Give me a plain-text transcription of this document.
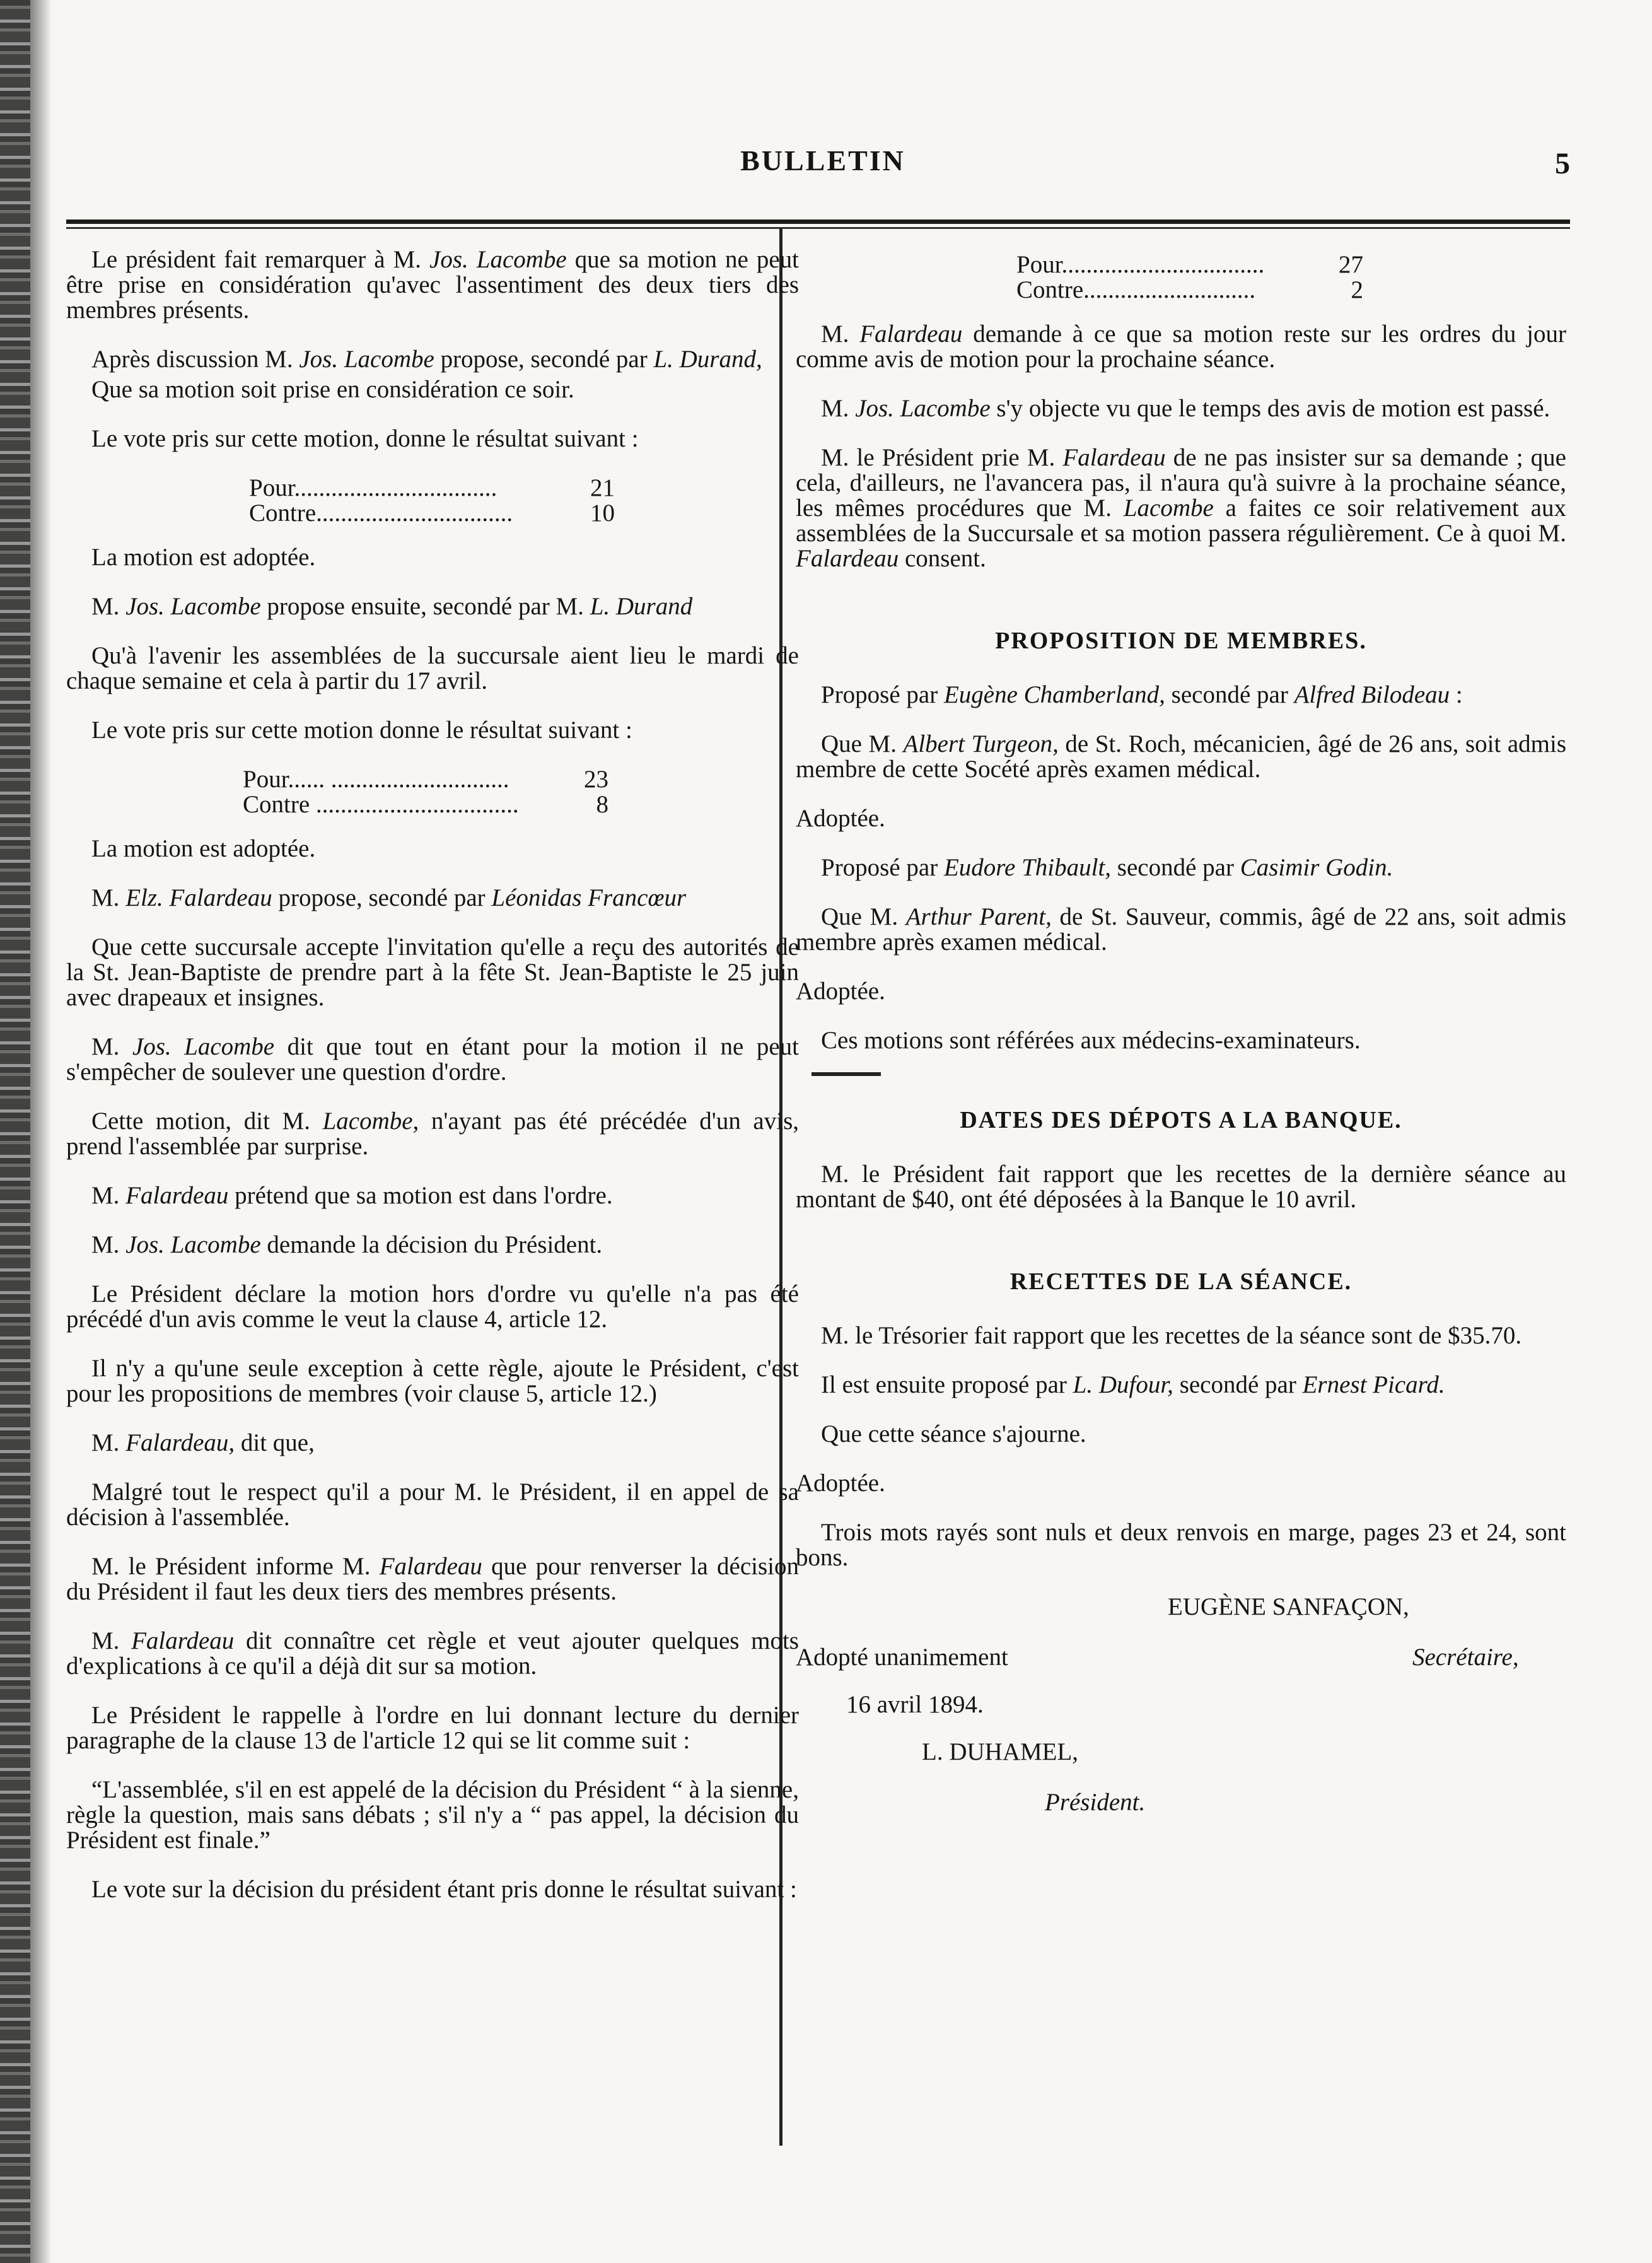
BULLETIN	5

Le président fait remarquer à M. Jos. Lacombe que sa motion ne peut être prise en considération qu'avec l'assentiment des deux tiers des membres présents.

Après discussion M. Jos. Lacombe propose, secondé par L. Durand,

Que sa motion soit prise en considération ce soir.

Le vote pris sur cette motion, donne le résultat suivant :

Pour.................................	21
Contre................................	10

La motion est adoptée.

M. Jos. Lacombe propose ensuite, secondé par M. L. Durand

Qu'à l'avenir les assemblées de la succursale aient lieu le mardi de chaque semaine et cela à partir du 17 avril.

Le vote pris sur cette motion donne le résultat suivant :

Pour...... .............................	23
Contre .................................	8

La motion est adoptée.

M. Elz. Falardeau propose, secondé par Léonidas Francœur

Que cette succursale accepte l'invitation qu'elle a reçu des autorités de la St. Jean-Baptiste de prendre part à la fête St. Jean-Baptiste le 25 juin avec drapeaux et insignes.

M. Jos. Lacombe dit que tout en étant pour la motion il ne peut s'empêcher de soulever une question d'ordre.

Cette motion, dit M. Lacombe, n'ayant pas été précédée d'un avis, prend l'assemblée par surprise.

M. Falardeau prétend que sa motion est dans l'ordre.

M. Jos. Lacombe demande la décision du Président.

Le Président déclare la motion hors d'ordre vu qu'elle n'a pas été précédé d'un avis comme le veut la clause 4, article 12.

Il n'y a qu'une seule exception à cette règle, ajoute le Président, c'est pour les propositions de membres (voir clause 5, article 12.)

M. Falardeau, dit que,

Malgré tout le respect qu'il a pour M. le Président, il en appel de sa décision à l'assemblée.

M. le Président informe M. Falardeau que pour renverser la décision du Président il faut les deux tiers des membres présents.

M. Falardeau dit connaître cet règle et veut ajouter quelques mots d'explications à ce qu'il a déjà dit sur sa motion.

Le Président le rappelle à l'ordre en lui donnant lecture du dernier paragraphe de la clause 13 de l'article 12 qui se lit comme suit :

“L'assemblée, s'il en est appelé de la décision du Président “ à la sienne, règle la question, mais sans débats ; s'il n'y a “ pas appel, la décision du Président est finale.”

Le vote sur la décision du président étant pris donne le résultat suivant :

Pour.................................	27
Contre............................	2

M. Falardeau demande à ce que sa motion reste sur les ordres du jour comme avis de motion pour la prochaine séance.

M. Jos. Lacombe s'y objecte vu que le temps des avis de motion est passé.

M. le Président prie M. Falardeau de ne pas insister sur sa demande ; que cela, d'ailleurs, ne l'avancera pas, il n'aura qu'à suivre à la prochaine séance, les mêmes procédures que M. Lacombe a faites ce soir relativement aux assemblées de la Succursale et sa motion passera régulièrement. Ce à quoi M. Falardeau consent.

PROPOSITION DE MEMBRES.

Proposé par Eugène Chamberland, secondé par Alfred Bilodeau :

Que M. Albert Turgeon, de St. Roch, mécanicien, âgé de 26 ans, soit admis membre de cette Socété après examen médical.

Adoptée.

Proposé par Eudore Thibault, secondé par Casimir Godin.

Que M. Arthur Parent, de St. Sauveur, commis, âgé de 22 ans, soit admis membre après examen médical.

Adoptée.

Ces motions sont référées aux médecins-examinateurs.

DATES DES DÉPOTS A LA BANQUE.

M. le Président fait rapport que les recettes de la dernière séance au montant de $40, ont été déposées à la Banque le 10 avril.

RECETTES DE LA SÉANCE.

M. le Trésorier fait rapport que les recettes de la séance sont de $35.70.

Il est ensuite proposé par L. Dufour, secondé par Ernest Picard.

Que cette séance s'ajourne.

Adoptée.

Trois mots rayés sont nuls et deux renvois en marge, pages 23 et 24, sont bons.

EUGÈNE SANFAÇON,
Adopté unanimement	Secrétaire,
16 avril 1894.
L. DUHAMEL,
Président.
